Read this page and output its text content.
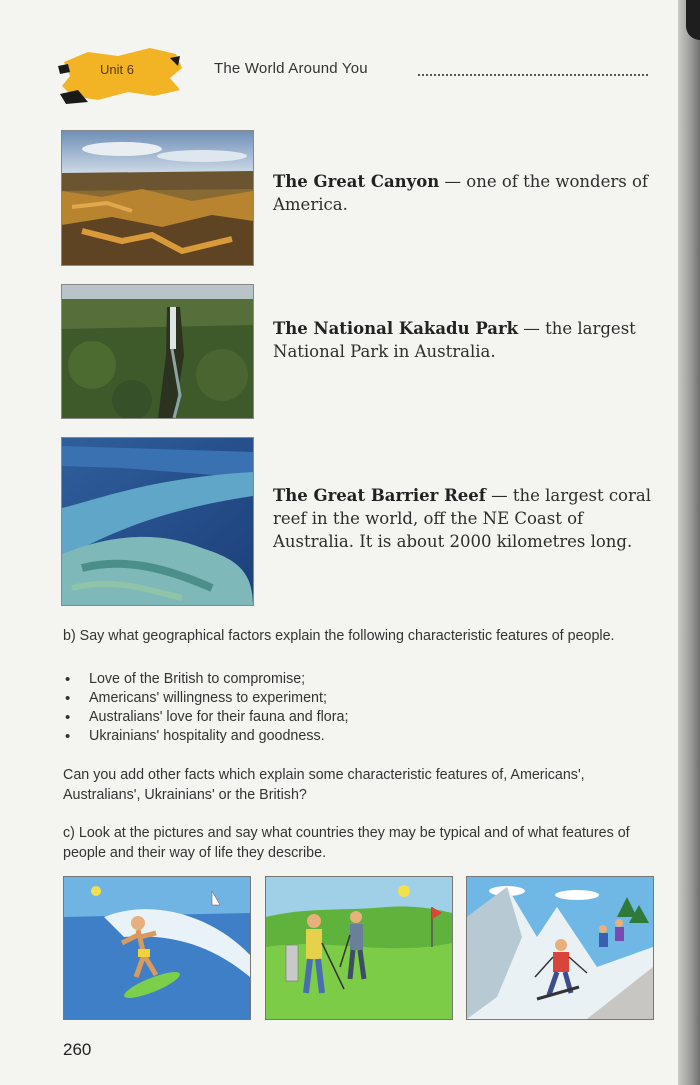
Unit 6	The World Around You
The Great Canyon — one of the wonders of America.
The National Kakadu Park — the largest National Park in Australia.
The Great Barrier Reef — the largest coral reef in the world, off the NE Coast of Australia. It is about 2000 kilometres long.
b) Say what geographical factors explain the following characteristic features of people.
• Love of the British to compromise;
• Americans' willingness to experiment;
• Australians' love for their fauna and flora;
• Ukrainians' hospitality and goodness.
Can you add other facts which explain some characteristic features of, Americans', Australians', Ukrainians' or the British?
c) Look at the pictures and say what countries they may be typical and of what features of people and their way of life they describe.
260
